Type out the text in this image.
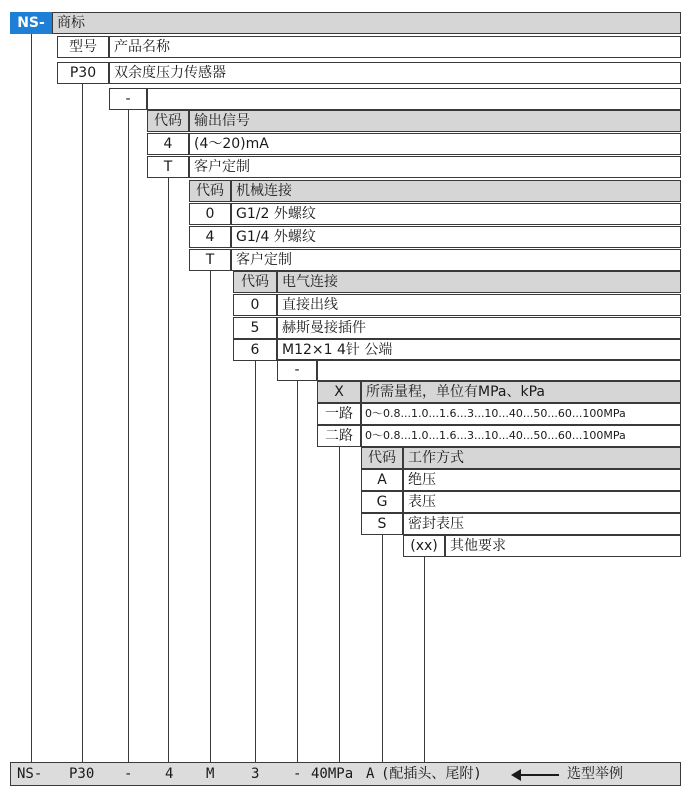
NS- 商标
型号	产品名称
P30	双余度压力传感器
-
代码 输出信号
4	(4～20)mA
T	客户定制
代码 机械连接
0	G1/2 外螺纹
4	G1/4 外螺纹
T	客户定制
代码 电气连接
0	直接出线
5	赫斯曼接插件
6	M12×1 4针 公端
-
X	所需量程，单位有MPa、kPa
一路	0～0.8...1.0...1.6...3...10...40...50...60...100MPa
二路	0～0.8...1.0...1.6...3...10...40...50...60...100MPa
代码 工作方式
A	绝压
G	表压
S	密封表压
(xx) 其他要求
NS- P30 - 4 M	3 - 40MPa A (配插头、尾附)	选型举例
